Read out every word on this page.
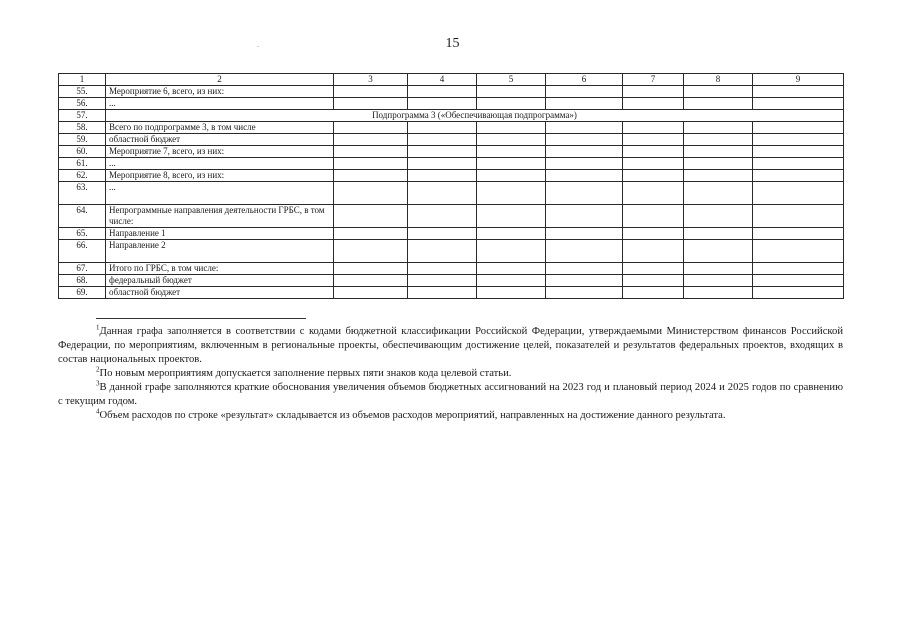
15
.
1	2	3	4	5	6	7	8	9
55.	Мероприятие 6, всего, из них:							
56.	...							
57.	Подпрограмма 3 («Обеспечивающая подпрограмма»)							
58.	Всего по подпрограмме 3, в том числе							
59.	областной бюджет							
60.	Мероприятие 7, всего, из них:							
61.	...							
62.	Мероприятие 8, всего, из них:							
63.	...							
64.	Непрограммные направления деятельности ГРБС, в том числе:							
65.	Направление 1							
66.	Направление 2							
67.	Итого по ГРБС, в том числе:							
68.	федеральный бюджет							
69.	областной бюджет							

$^1$Данная графа заполняется в соответствии с кодами бюджетной классификации Российской Федерации, утверждаемыми Министерством финансов Российской Федерации, по мероприятиям, включенным в региональные проекты, обеспечивающим достижение целей, показателей и результатов федеральных проектов, входящих в состав национальных проектов.

$^2$По новым мероприятиям допускается заполнение первых пяти знаков кода целевой статьи.

$^3$В данной графе заполняются краткие обоснования увеличения объемов бюджетных ассигнований на 2023 год и плановый период 2024 и 2025 годов по сравнению с текущим годом.

$^4$Объем расходов по строке «результат» складывается из объемов расходов мероприятий, направленных на достижение данного результата.
